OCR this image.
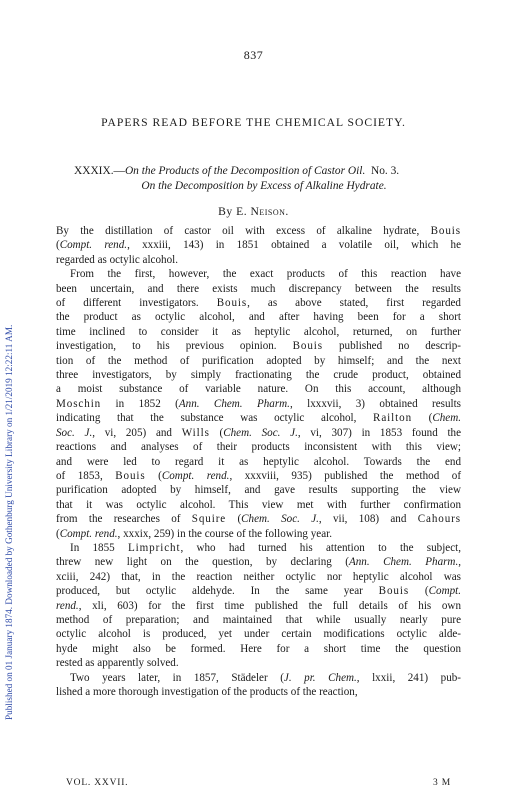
Published on 01 January 1874. Downloaded by Gothenburg University Library on 1/21/2019 12:22:11 AM.
837
PAPERS READ BEFORE THE CHEMICAL SOCIETY.
XXXIX.—On the Products of the Decomposition of Castor Oil. No. 3.
On the Decomposition by Excess of Alkaline Hydrate.
By E. Neison.
By the distillation of castor oil with excess of alkaline hydrate, Bouis
(Compt. rend., xxxiii, 143) in 1851 obtained a volatile oil, which he
regarded as octylic alcohol.
From the first, however, the exact products of this reaction have
been uncertain, and there exists much discrepancy between the results
of different investigators. Bouis, as above stated, first regarded
the product as octylic alcohol, and after having been for a short
time inclined to consider it as heptylic alcohol, returned, on further
investigation, to his previous opinion. Bouis published no descrip-
tion of the method of purification adopted by himself; and the next
three investigators, by simply fractionating the crude product, obtained
a moist substance of variable nature. On this account, although
Moschin in 1852 (Ann. Chem. Pharm., lxxxvii, 3) obtained results
indicating that the substance was octylic alcohol, Railton (Chem.
Soc. J., vi, 205) and Wills (Chem. Soc. J., vi, 307) in 1853 found the
reactions and analyses of their products inconsistent with this view;
and were led to regard it as heptylic alcohol. Towards the end
of 1853, Bouis (Compt. rend., xxxviii, 935) published the method of
purification adopted by himself, and gave results supporting the view
that it was octylic alcohol. This view met with further confirmation
from the researches of Squire (Chem. Soc. J., vii, 108) and Cahours
(Compt. rend., xxxix, 259) in the course of the following year.
In 1855 Limpricht, who had turned his attention to the subject,
threw new light on the question, by declaring (Ann. Chem. Pharm.,
xciii, 242) that, in the reaction neither octylic nor heptylic alcohol was
produced, but octylic aldehyde. In the same year Bouis (Compt.
rend., xli, 603) for the first time published the full details of his own
method of preparation; and maintained that while usually nearly pure
octylic alcohol is produced, yet under certain modifications octylic alde-
hyde might also be formed. Here for a short time the question
rested as apparently solved.
Two years later, in 1857, Städeler (J. pr. Chem., lxxii, 241) pub-
lished a more thorough investigation of the products of the reaction,
VOL. XXVII.	3 M
